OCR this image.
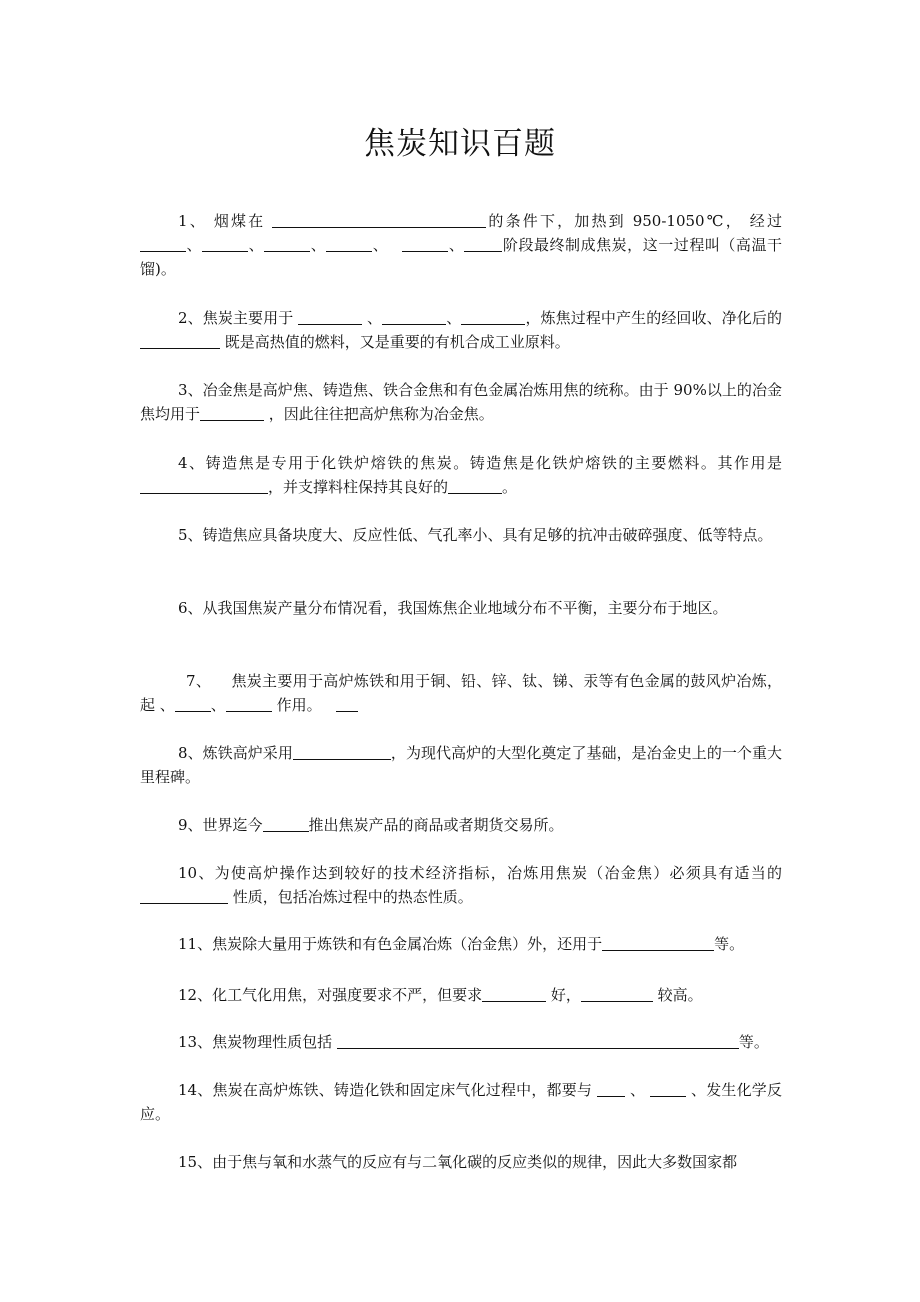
焦炭知识百题

1、 烟煤在	的条件下，加热到 950-1050℃， 经过 、	、	、	、	、	阶段最终制成焦炭，这一过程叫（高温干馏)。

2、焦炭主要用于	、	、	，炼焦过程中产生的经回收、净化后的 既是高热值的燃料，又是重要的有机合成工业原料。

3、冶金焦是高炉焦、铸造焦、铁合金焦和有色金属冶炼用焦的统称。由于 90%以上的冶金焦均用于	，因此往往把高炉焦称为冶金焦。

4、铸造焦是专用于化铁炉熔铁的焦炭。铸造焦是化铁炉熔铁的主要燃料。其作用是，并支撑料柱保持其良好的	。

5、铸造焦应具备块度大、反应性低、气孔率小、具有足够的抗冲击破碎强度、低等特点。

6、从我国焦炭产量分布情况看，我国炼焦企业地域分布不平衡，主要分布于地区。

7、 焦炭主要用于高炉炼铁和用于铜、铅、锌、钛、锑、汞等有色金属的鼓风炉冶炼，起 、 、	作用。

8、炼铁高炉采用	，为现代高炉的大型化奠定了基础，是冶金史上的一个重大里程碑。

9、世界迄今	推出焦炭产品的商品或者期货交易所。

10、为使高炉操作达到较好的技术经济指标，冶炼用焦炭（冶金焦）必须具有适当的 性质，包括冶炼过程中的热态性质。

11、焦炭除大量用于炼铁和有色金属冶炼（冶金焦）外，还用于	等。

12、化工气化用焦，对强度要求不严，但要求	好，	较高。

13、焦炭物理性质包括	等。

14、焦炭在高炉炼铁、铸造化铁和固定床气化过程中，都要与  、  、发生化学反应。

15、由于焦与氧和水蒸气的反应有与二氧化碳的反应类似的规律，因此大多数国家都
